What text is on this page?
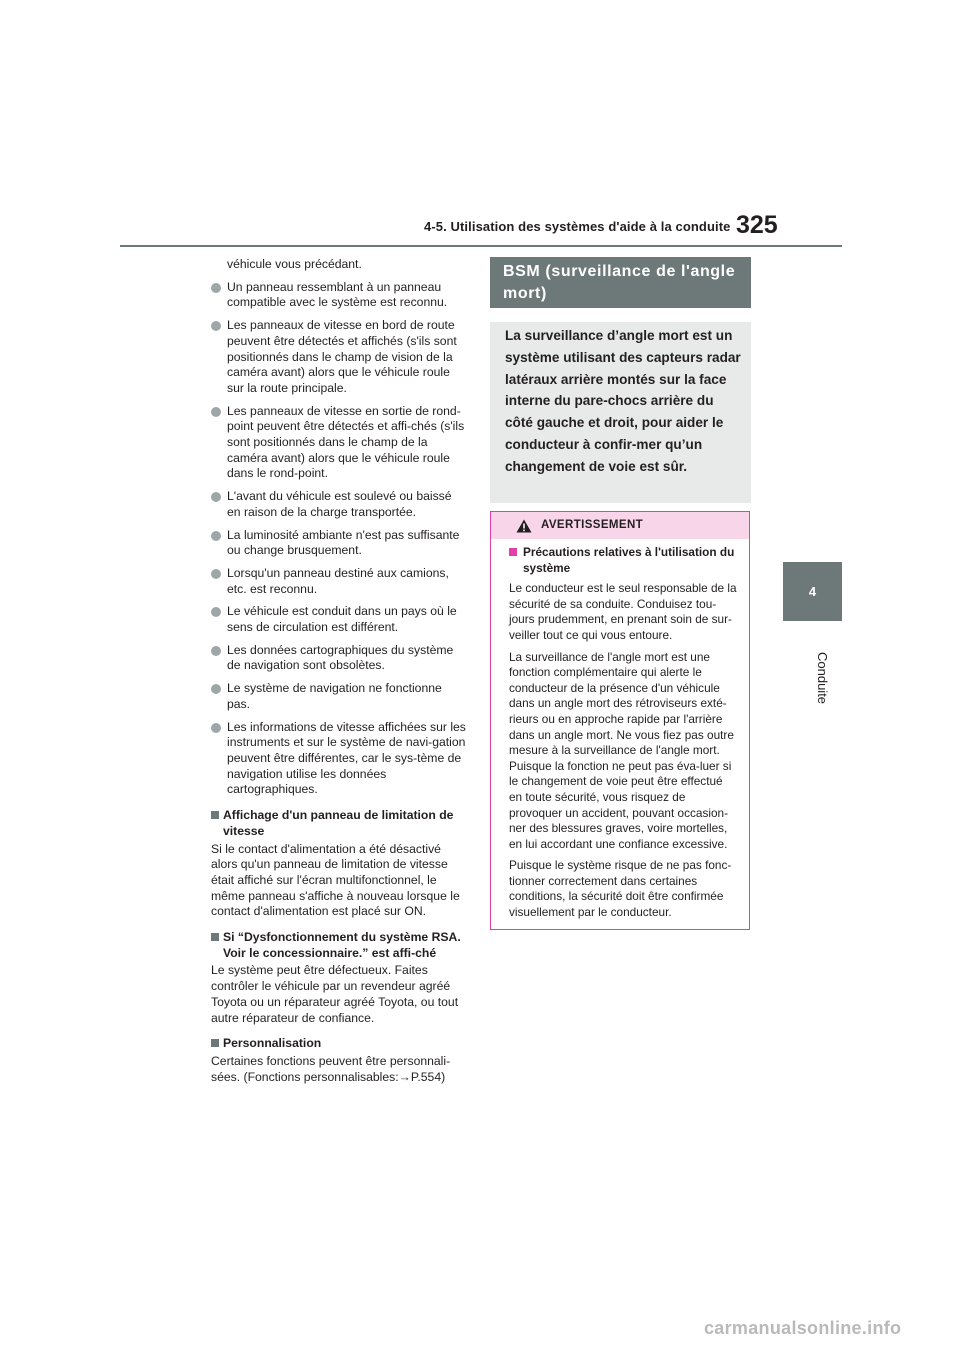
4-5. Utilisation des systèmes d'aide à la conduite 325
4
Conduite
véhicule vous précédant.
Un panneau ressemblant à un panneau compatible avec le système est reconnu.
Les panneaux de vitesse en bord de route peuvent être détectés et affichés (s'ils sont positionnés dans le champ de vision de la caméra avant) alors que le véhicule roule sur la route principale.
Les panneaux de vitesse en sortie de rond-point peuvent être détectés et affi-chés (s'ils sont positionnés dans le champ de la caméra avant) alors que le véhicule roule dans le rond-point.
L'avant du véhicule est soulevé ou baissé en raison de la charge transportée.
La luminosité ambiante n'est pas suffisante ou change brusquement.
Lorsqu'un panneau destiné aux camions, etc. est reconnu.
Le véhicule est conduit dans un pays où le sens de circulation est différent.
Les données cartographiques du système de navigation sont obsolètes.
Le système de navigation ne fonctionne pas.
Les informations de vitesse affichées sur les instruments et sur le système de navi-gation peuvent être différentes, car le sys-tème de navigation utilise les données cartographiques.
Affichage d'un panneau de limitation de vitesse
Si le contact d'alimentation a été désactivé alors qu'un panneau de limitation de vitesse était affiché sur l'écran multifonctionnel, le même panneau s'affiche à nouveau lorsque le contact d'alimentation est placé sur ON.
Si “Dysfonctionnement du système RSA. Voir le concessionnaire.” est affi-ché
Le système peut être défectueux. Faites contrôler le véhicule par un revendeur agréé Toyota ou un réparateur agréé Toyota, ou tout autre réparateur de confiance.
Personnalisation
Certaines fonctions peuvent être personnali-sées. (Fonctions personnalisables:→P.554)
BSM (surveillance de l'angle mort)
La surveillance d’angle mort est un système utilisant des capteurs radar latéraux arrière montés sur la face interne du pare-chocs arrière du côté gauche et droit, pour aider le conducteur à confir-mer qu’un changement de voie est sûr.
AVERTISSEMENT
Précautions relatives à l'utilisation du système
Le conducteur est le seul responsable de la sécurité de sa conduite. Conduisez tou-jours prudemment, en prenant soin de sur-veiller tout ce qui vous entoure.
La surveillance de l'angle mort est une fonction complémentaire qui alerte le conducteur de la présence d'un véhicule dans un angle mort des rétroviseurs exté-rieurs ou en approche rapide par l'arrière dans un angle mort. Ne vous fiez pas outre mesure à la surveillance de l'angle mort. Puisque la fonction ne peut pas éva-luer si le changement de voie peut être effectué en toute sécurité, vous risquez de provoquer un accident, pouvant occasion-ner des blessures graves, voire mortelles, en lui accordant une confiance excessive.
Puisque le système risque de ne pas fonc-tionner correctement dans certaines conditions, la sécurité doit être confirmée visuellement par le conducteur.
carmanualsonline.info
